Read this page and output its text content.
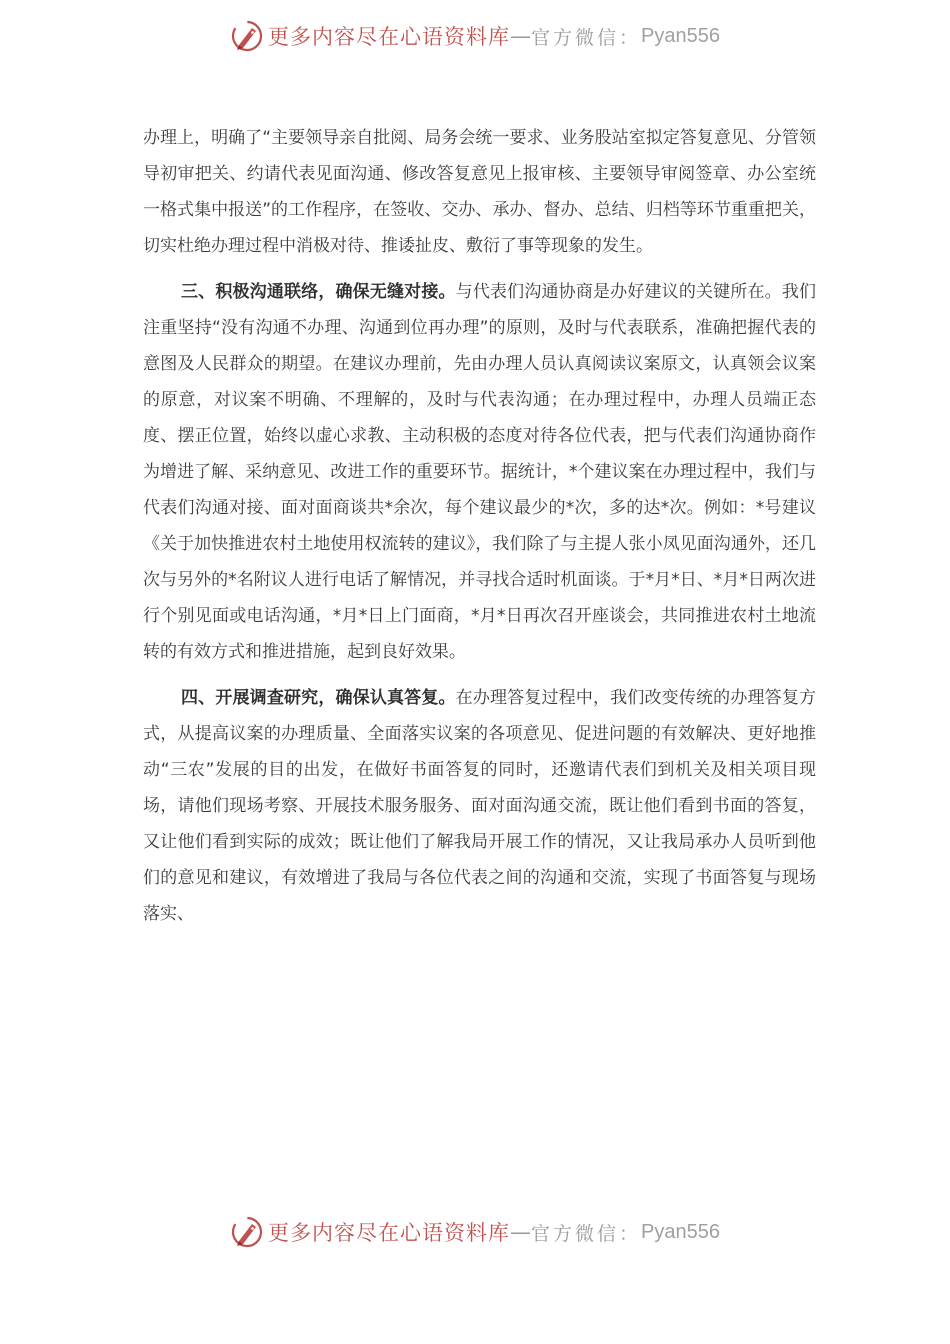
更多内容尽在心语资料库 — 官方微信： Pyan556

办理上，明确了“主要领导亲自批阅、局务会统一要求、业务股站室拟定答复意见、分管领导初审把关、约请代表见面沟通、修改答复意见上报审核、主要领导审阅签章、办公室统一格式集中报送”的工作程序，在签收、交办、承办、督办、总结、归档等环节重重把关，切实杜绝办理过程中消极对待、推诿扯皮、敷衍了事等现象的发生。

三、积极沟通联络，确保无缝对接。与代表们沟通协商是办好建议的关键所在。我们注重坚持“没有沟通不办理、沟通到位再办理”的原则，及时与代表联系，准确把握代表的意图及人民群众的期望。在建议办理前，先由办理人员认真阅读议案原文，认真领会议案的原意，对议案不明确、不理解的，及时与代表沟通；在办理过程中，办理人员端正态度、摆正位置，始终以虚心求教、主动积极的态度对待各位代表，把与代表们沟通协商作为增进了解、采纳意见、改进工作的重要环节。据统计，*个建议案在办理过程中，我们与代表们沟通对接、面对面商谈共*余次，每个建议最少的*次，多的达*次。例如：*号建议《关于加快推进农村土地使用权流转的建议》，我们除了与主提人张小凤见面沟通外，还几次与另外的*名附议人进行电话了解情况，并寻找合适时机面谈。于*月*日、*月*日两次进行个别见面或电话沟通，*月*日上门面商，*月*日再次召开座谈会，共同推进农村土地流转的有效方式和推进措施，起到良好效果。

四、开展调查研究，确保认真答复。在办理答复过程中，我们改变传统的办理答复方式，从提高议案的办理质量、全面落实议案的各项意见、促进问题的有效解决、更好地推动“三农”发展的目的出发，在做好书面答复的同时，还邀请代表们到机关及相关项目现场，请他们现场考察、开展技术服务服务、面对面沟通交流，既让他们看到书面的答复，又让他们看到实际的成效；既让他们了解我局开展工作的情况，又让我局承办人员听到他们的意见和建议，有效增进了我局与各位代表之间的沟通和交流，实现了书面答复与现场落实、

更多内容尽在心语资料库 — 官方微信： Pyan556
